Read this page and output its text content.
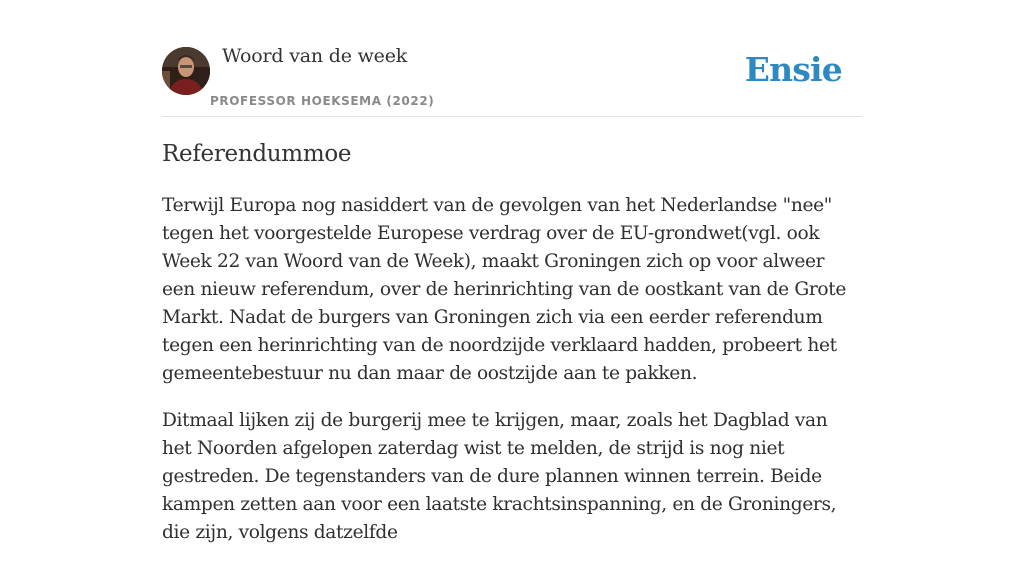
Woord van de week
PROFESSOR HOEKSEMA (2022)
Ensie
Referendummoe

Terwijl Europa nog nasiddert van de gevolgen van het Nederlandse "nee" tegen het voorgestelde Europese verdrag over de EU-grondwet(vgl. ook Week 22 van Woord van de Week), maakt Groningen zich op voor alweer een nieuw referendum, over de herinrichting van de oostkant van de Grote Markt. Nadat de burgers van Groningen zich via een eerder referendum tegen een herinrichting van de noordzijde verklaard hadden, probeert het gemeentebestuur nu dan maar de oostzijde aan te pakken.

Ditmaal lijken zij de burgerij mee te krijgen, maar, zoals het Dagblad van het Noorden afgelopen zaterdag wist te melden, de strijd is nog niet gestreden. De tegenstanders van de dure plannen winnen terrein. Beide kampen zetten aan voor een laatste krachtsinspanning, en de Groningers, die zijn, volgens datzelfde
